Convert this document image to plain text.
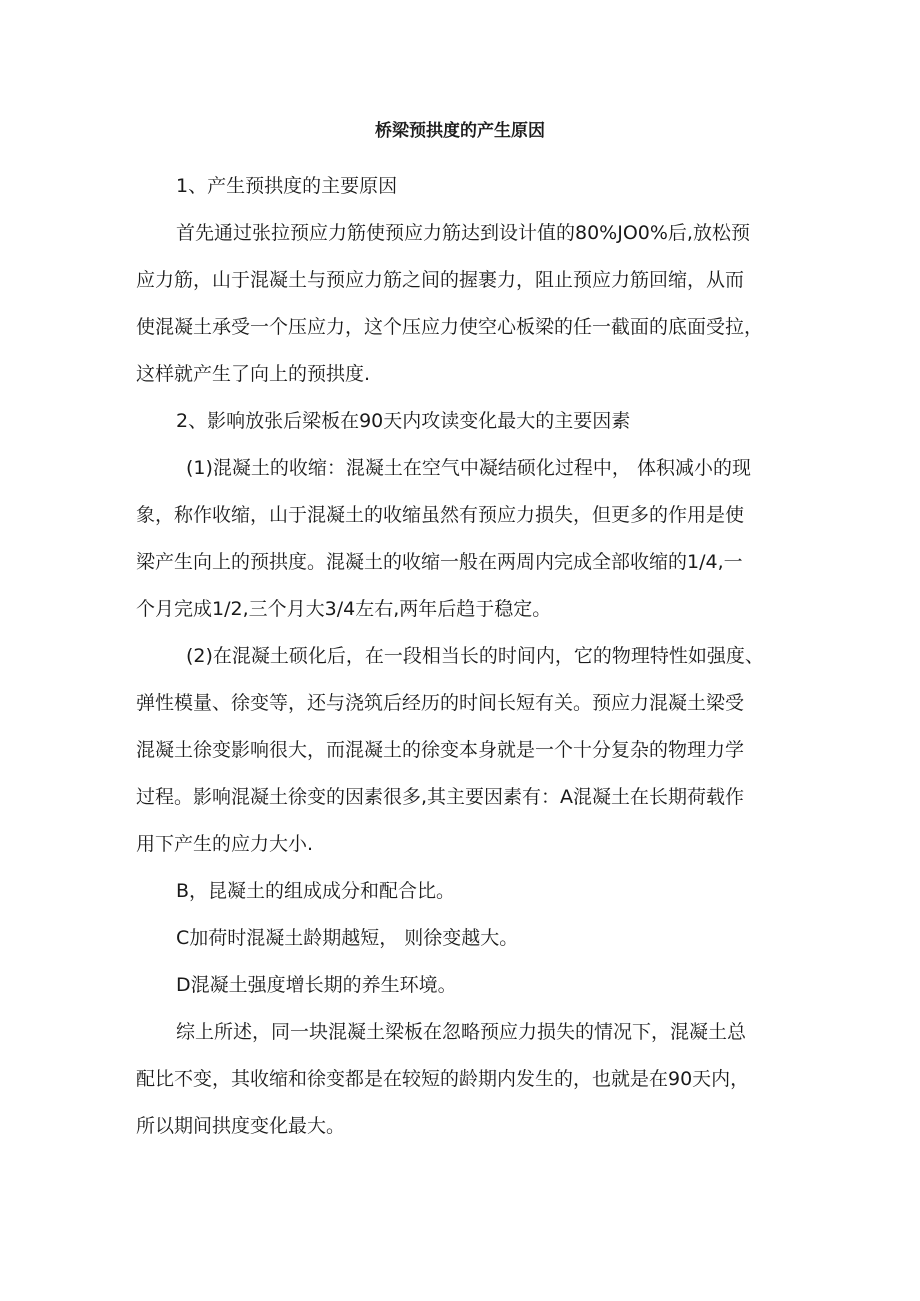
桥梁预拱度的产生原因
1、产生预拱度的主要原因
首先通过张拉预应力筋使预应力筋达到设计值的80%JO0%后,放松预
应力筋，山于混凝土与预应力筋之间的握裹力，阻止预应力筋回缩，从而
使混凝土承受一个压应力，这个压应力使空心板梁的任一截面的底面受拉，
这样就产生了向上的预拱度.
2、影响放张后梁板在90天内攻读变化最大的主要因素
(1)混凝土的收缩：混凝土在空气中凝结硕化过程中， 体积减小的现
象，称作收缩，山于混凝土的收缩虽然有预应力损失，但更多的作用是使
梁产生向上的预拱度。混凝土的收缩一般在两周内完成全部收缩的1/4,一
个月完成1/2,三个月大3/4左右,两年后趋于稳定。
(2)在混凝土硕化后，在一段相当长的时间内，它的物理特性如强度、
弹性模量、徐变等，还与浇筑后经历的时间长短有关。预应力混凝土梁受
混凝土徐变影响很大，而混凝土的徐变本身就是一个十分复杂的物理力学
过程。影响混凝土徐变的因素很多,其主要因素有：A混凝土在长期荷载作
用下产生的应力大小.
B，昆凝土的组成成分和配合比。
C加荷时混凝土龄期越短， 则徐变越大。
D混凝土强度增长期的养生环境。
综上所述，同一块混凝土梁板在忽略预应力损失的情况下，混凝土总
配比不变，其收缩和徐变都是在较短的龄期内发生的，也就是在90天内，
所以期间拱度变化最大。
